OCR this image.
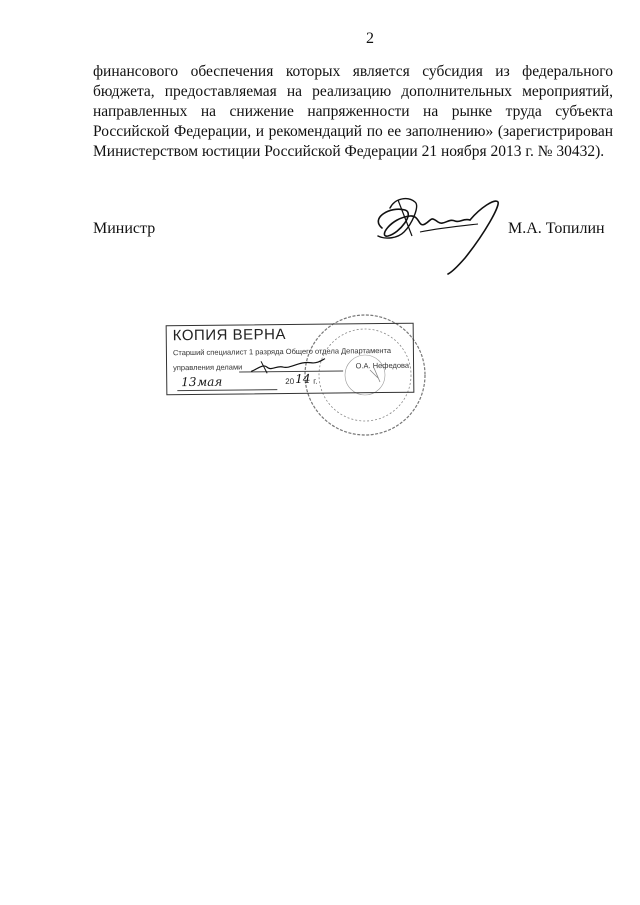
2
финансового обеспечения которых является субсидия из федерального
бюджета, предоставляемая на реализацию дополнительных мероприятий,
направленных на снижение напряженности на рынке труда субъекта
Российской Федерации, и рекомендаций по ее заполнению» (зарегистрирован
Министерством юстиции Российской Федерации 21 ноября 2013 г. № 30432).
Министр	М.А. Топилин
КОПИЯ ВЕРНА
Старший специалист 1 разряда Общего отдела Департамента
управления делами	О.А. Нефедова
13 мая	20 14 г.
